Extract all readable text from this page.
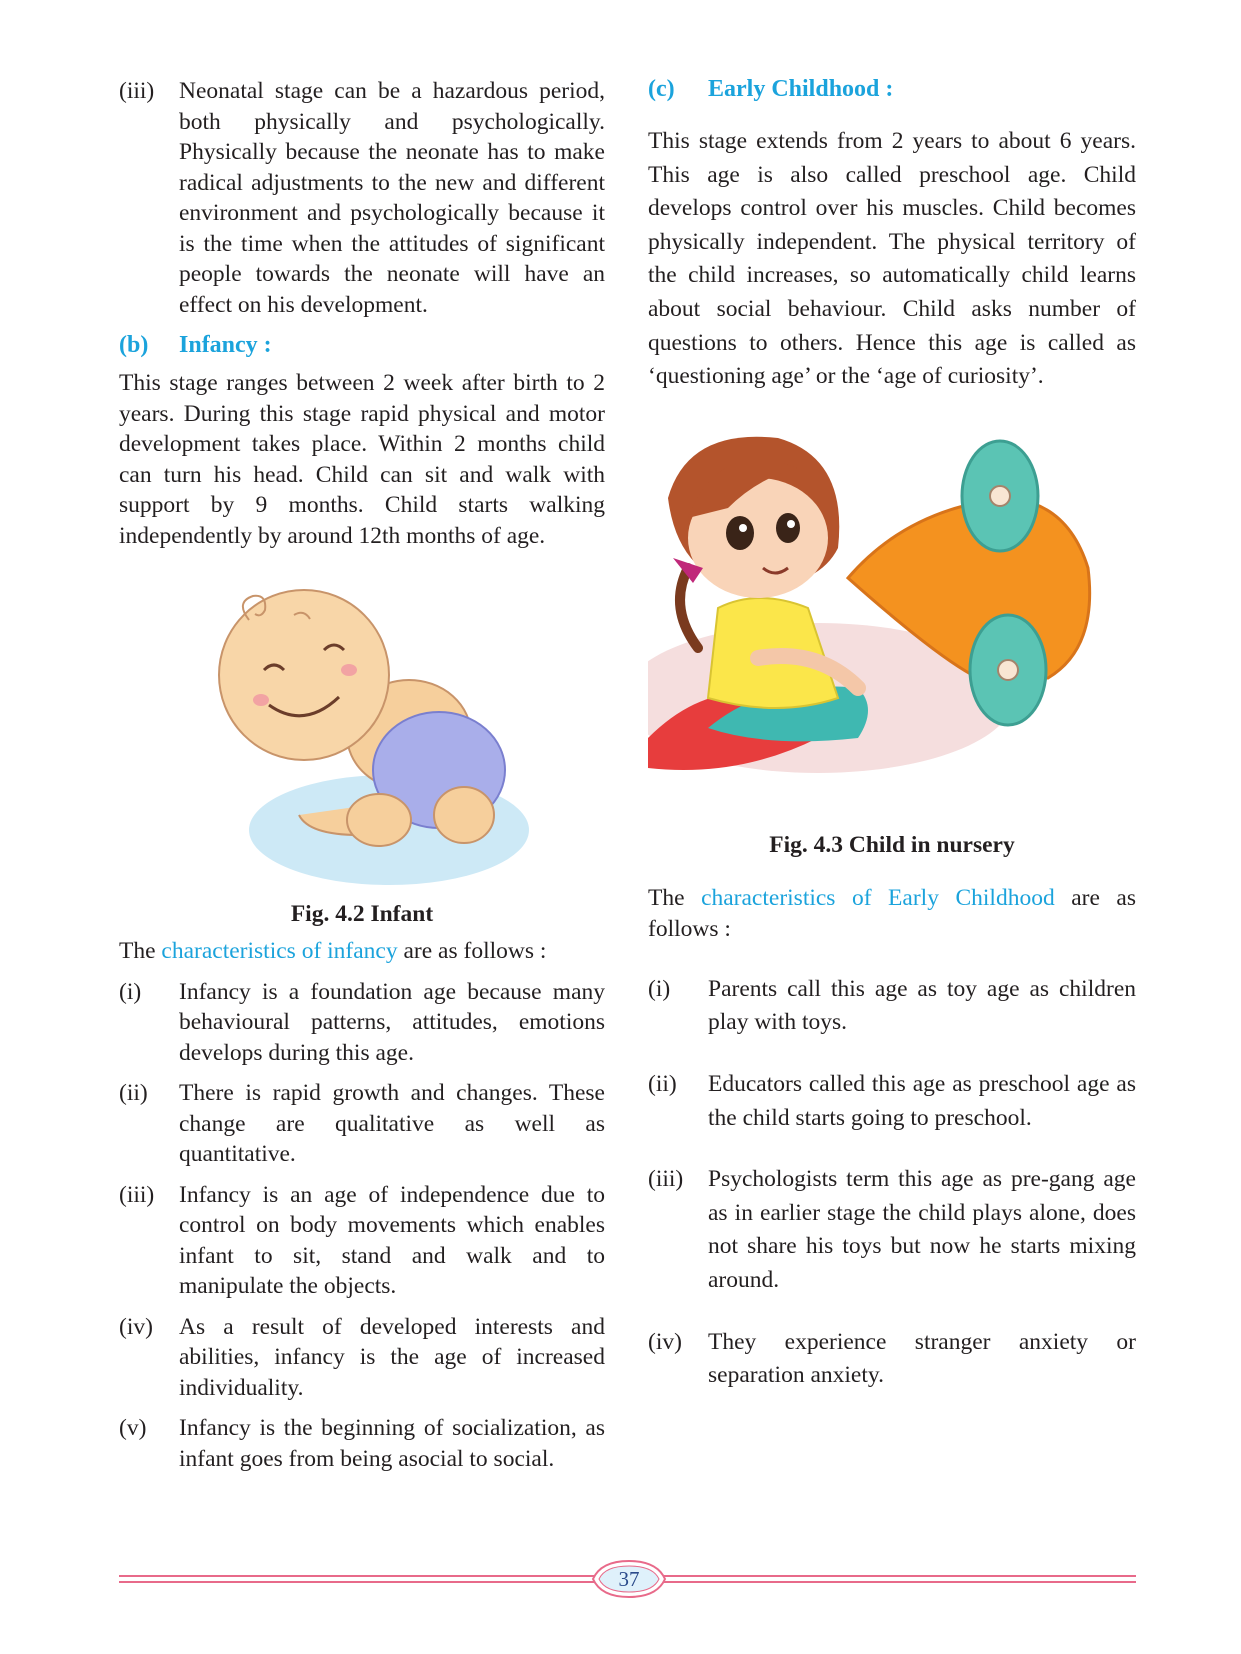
(iii)	Neonatal stage can be a hazardous period, both physically and psychologically. Physically because the neonate has to make radical adjustments to the new and different environment and psychologically because it is the time when the attitudes of significant people towards the neonate will have an effect on his development.
(b)	Infancy :

This stage ranges between 2 week after birth to 2 years. During this stage rapid physical and motor development takes place. Within 2 months child can turn his head. Child can sit and walk with support by 9 months. Child starts walking independently by around 12th months of age.

Fig. 4.2 Infant

The characteristics of infancy are as follows :

(i)	Infancy is a foundation age because many behavioural patterns, attitudes, emotions develops during this age.
(ii)	There is rapid growth and changes. These change are qualitative as well as quantitative.
(iii)	Infancy is an age of independence due to control on body movements which enables infant to sit, stand and walk and to manipulate the objects.
(iv)	As a result of developed interests and abilities, infancy is the age of increased individuality.
(v)	Infancy is the beginning of socialization, as infant goes from being asocial to social.
(c)	Early Childhood :

This stage extends from 2 years to about 6 years. This age is also called preschool age. Child develops control over his muscles. Child becomes physically independent. The physical territory of the child increases, so automatically child learns about social behaviour. Child asks number of questions to others. Hence this age is called as ‘questioning age’ or the ‘age of curiosity’.

Fig. 4.3 Child in nursery

The characteristics of Early Childhood are as follows :

(i)	Parents call this age as toy age as children play with toys.
(ii)	Educators called this age as preschool age as the child starts going to preschool.
(iii)	Psychologists term this age as pre-gang age as in earlier stage the child plays alone, does not share his toys but now he starts mixing around.
(iv)	They experience stranger anxiety or separation anxiety.
37
